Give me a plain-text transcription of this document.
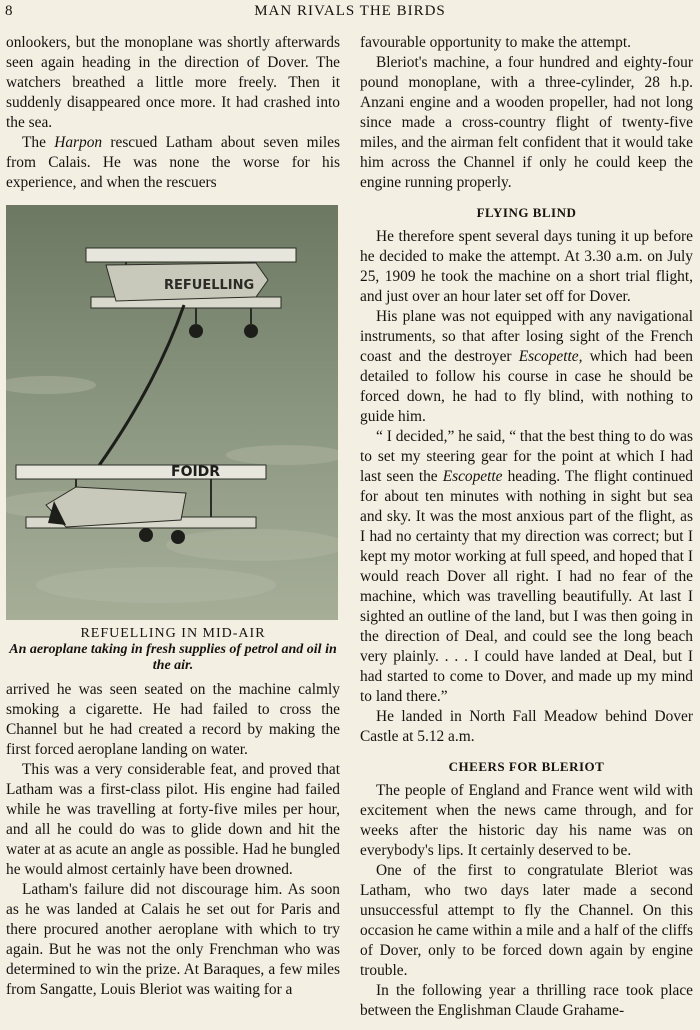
8	MAN RIVALS THE BIRDS

onlookers, but the monoplane was shortly afterwards seen again heading in the direction of Dover. The watchers breathed a little more freely. Then it suddenly disappeared once more. It had crashed into the sea.

The Harpon rescued Latham about seven miles from Calais. He was none the worse for his experience, and when the rescuers

REFUELLING
FOIDR
REFUELLING IN MID-AIR
An aeroplane taking in fresh supplies of petrol and oil in the air.

arrived he was seen seated on the machine calmly smoking a cigarette. He had failed to cross the Channel but he had created a record by making the first forced aeroplane landing on water.

This was a very considerable feat, and proved that Latham was a first-class pilot. His engine had failed while he was travelling at forty-five miles per hour, and all he could do was to glide down and hit the water at as acute an angle as possible. Had he bungled he would almost certainly have been drowned.

Latham's failure did not discourage him. As soon as he was landed at Calais he set out for Paris and there procured another aeroplane with which to try again. But he was not the only Frenchman who was determined to win the prize. At Baraques, a few miles from Sangatte, Louis Bleriot was waiting for a

favourable opportunity to make the attempt.

Bleriot's machine, a four hundred and eighty-four pound monoplane, with a three-cylinder, 28 h.p. Anzani engine and a wooden propeller, had not long since made a cross-country flight of twenty-five miles, and the airman felt confident that it would take him across the Channel if only he could keep the engine running properly.

FLYING BLIND

He therefore spent several days tuning it up before he decided to make the attempt. At 3.30 a.m. on July 25, 1909 he took the machine on a short trial flight, and just over an hour later set off for Dover.

His plane was not equipped with any navigational instruments, so that after losing sight of the French coast and the destroyer Escopette, which had been detailed to follow his course in case he should be forced down, he had to fly blind, with nothing to guide him.

“ I decided,” he said, “ that the best thing to do was to set my steering gear for the point at which I had last seen the Escopette heading. The flight continued for about ten minutes with nothing in sight but sea and sky. It was the most anxious part of the flight, as I had no certainty that my direction was correct; but I kept my motor working at full speed, and hoped that I would reach Dover all right. I had no fear of the machine, which was travelling beautifully. At last I sighted an outline of the land, but I was then going in the direction of Deal, and could see the long beach very plainly. . . . I could have landed at Deal, but I had started to come to Dover, and made up my mind to land there.”

He landed in North Fall Meadow behind Dover Castle at 5.12 a.m.

CHEERS FOR BLERIOT

The people of England and France went wild with excitement when the news came through, and for weeks after the historic day his name was on everybody's lips. It certainly deserved to be.

One of the first to congratulate Bleriot was Latham, who two days later made a second unsuccessful attempt to fly the Channel. On this occasion he came within a mile and a half of the cliffs of Dover, only to be forced down again by engine trouble.

In the following year a thrilling race took place between the Englishman Claude Grahame-
